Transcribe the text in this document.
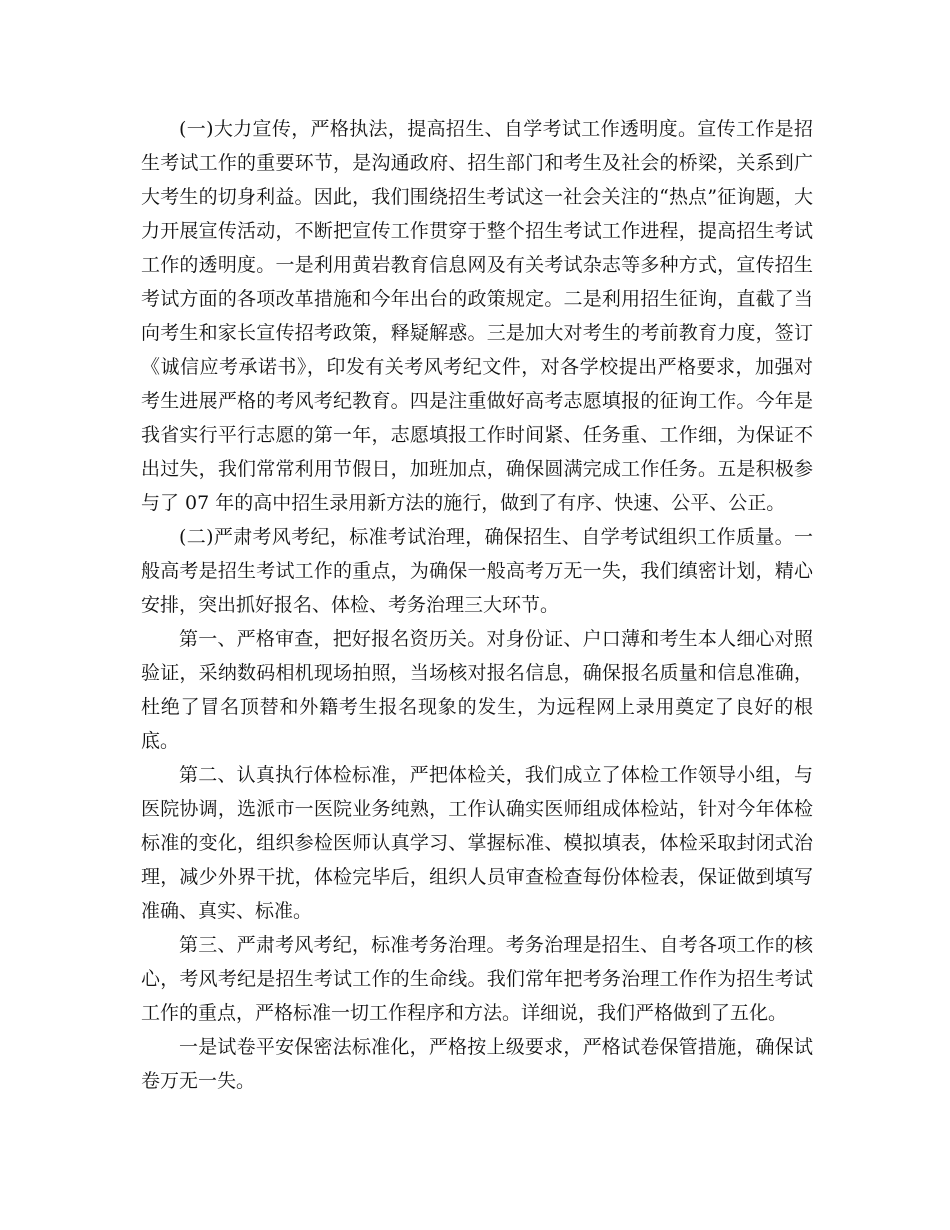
(一)大力宣传，严格执法，提高招生、自学考试工作透明度。宣传工作是招生考试工作的重要环节，是沟通政府、招生部门和考生及社会的桥梁，关系到广大考生的切身利益。因此，我们围绕招生考试这一社会关注的“热点”征询题，大力开展宣传活动，不断把宣传工作贯穿于整个招生考试工作进程，提高招生考试工作的透明度。一是利用黄岩教育信息网及有关考试杂志等多种方式，宣传招生考试方面的各项改革措施和今年出台的政策规定。二是利用招生征询，直截了当向考生和家长宣传招考政策，释疑解惑。三是加大对考生的考前教育力度，签订《诚信应考承诺书》，印发有关考风考纪文件，对各学校提出严格要求，加强对考生进展严格的考风考纪教育。四是注重做好高考志愿填报的征询工作。今年是我省实行平行志愿的第一年，志愿填报工作时间紧、任务重、工作细，为保证不出过失，我们常常利用节假日，加班加点，确保圆满完成工作任务。五是积极参与了 07 年的高中招生录用新方法的施行，做到了有序、快速、公平、公正。

(二)严肃考风考纪，标准考试治理，确保招生、自学考试组织工作质量。一般高考是招生考试工作的重点，为确保一般高考万无一失，我们缜密计划，精心安排，突出抓好报名、体检、考务治理三大环节。

第一、严格审查，把好报名资历关。对身份证、户口薄和考生本人细心对照验证，采纳数码相机现场拍照，当场核对报名信息，确保报名质量和信息准确，杜绝了冒名顶替和外籍考生报名现象的发生，为远程网上录用奠定了良好的根底。

第二、认真执行体检标准，严把体检关，我们成立了体检工作领导小组，与医院协调，选派市一医院业务纯熟，工作认确实医师组成体检站，针对今年体检标准的变化，组织参检医师认真学习、掌握标准、模拟填表，体检采取封闭式治理，减少外界干扰，体检完毕后，组织人员审查检查每份体检表，保证做到填写准确、真实、标准。

第三、严肃考风考纪，标准考务治理。考务治理是招生、自考各项工作的核心，考风考纪是招生考试工作的生命线。我们常年把考务治理工作作为招生考试工作的重点，严格标准一切工作程序和方法。详细说，我们严格做到了五化。

一是试卷平安保密法标准化，严格按上级要求，严格试卷保管措施，确保试卷万无一失。
